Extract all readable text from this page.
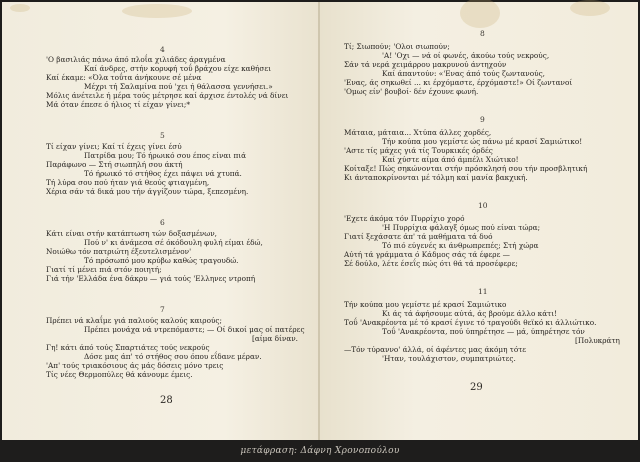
4
'Ο βασιλιάς πάνω άπό πλοΐα χιλιάδες άραγμένα
Καί άνδρες, στήν κορυφή τοΰ βράχου είχε καθήσει
Καί έκαμε: «Όλα τοΰτα άνήκουνε σέ μένα
Μέχρι τή Σαλαμίνα πού 'χει ή θάλασσα γεννήσει.»
Μόλις άνέτειλε ή μέρα τούς μέτρησε καί άρχισε έντολές νά δίνει
Μά όταν έπεσε ό ήλιος τί είχαν γίνει;*
5
Τί είχαν γίνει; Καί τί έχεις γίνει έσύ
Πατρίδα μου; Τό ήρωικό σου έπος είναι πιά
Παράφωνο — Στή σιωπηλή σου άκτή
Τό ήρωικό τό στήθος έχει πάψει νά χτυπά.
Τή λύρα σου πού ήταν γιά θεούς φτιαγμένη,
Χέρια σάν τά δικά μου τήν άγγίζουν τώρα, ξεπεσμένη.
6
Κάτι είναι στήν κατάπτωση τών δοξασμένων,
Πού ν' κι άνάμεσα σέ όκόδουλη φυλή είμαι έδώ,
Νοιώθω τόν πατριώτη έξευτελισμένον'
Τό πρόσωπό μου κρύβω καθώς τραγουδώ.
Γιατί τί μένει πιά στόν ποιητή;
Γιά τήν 'Ελλάδα ένα δάκρυ — γιά τούς 'Ελληνες ντροπή
7
Πρέπει νά κλαΐμε γιά παλιούς καλούς καιρούς;
Πρέπει μονάχα νά ντρεπόμαστε; — Οί δικοί μας οί πατέρες
[αίμα δίναν.
Γη! κάτι άπό τούς Σπαρτιάτες τούς νεκρούς
Δόσε μας άπ' τό στήθος σου όπου εΐδανε μέραν.
'Απ' τούς τριακόσιους άς μάς δόσεις μόνο τρεις
Τίς νέες Θερμοπύλες θά κάνουμε έμεις.
28
8
Τί; Σιωπούν; 'Ολοι σιωπούν;
'Α! 'Οχι — νά οί φωνές, άκούω τούς νεκρούς,
Σάν τά νερά χειμάρρου μακρυνού άντηχούν
Καί άπαντούν: «'Ενας άπό τούς ζωντανούς,
'Ενας, άς σηκωθεί ... κι έρχόμαστε, έρχόμαστε!» Οί ζωντανοί
'Ομως είν' βουβοί· δέν έχουνε φωνή.
9
Μάταια, μάταια... Χτύπα άλλες χορδές,
Τήν κούπα μου γεμίστε ώς πάνω μέ κρασί Σαμιώτικο!
'Αστε τίς μάχες γιά τίς Τουρκικές όρδές
Καί χύστε αίμα άπό άμπέλι Χιώτικο!
Κοίταξε! Πώς σηκώνονται στήν πρόσκλησή σου τήν προσβλητική
Κι άνταποκρίνονται μέ τόλμη καί μανία βακχική.
10
'Εχετε άκόμα τόν Πυρρίχιο χορό
'Η Πυρρίχια φάλαγξ όμως πού είναι τώρα;
Γιατί ξεχάσατε άπ' τά μαθήματα τά δυό
Τό πιό εύγενές κι άνθρωπρεπές; Στή χώρα
Αύτή τά γράμματα ό Κάδμος σάς τά έφερε —
Σέ δούλο, λέτε έσεΐς πώς ότι θά τά προσέφερε;
11
Τήν κούπα μου γεμίστε μέ κρασί Σαμιώτικο
Κι άς τά άφήσουμε αύτά, άς βρούμε άλλο κάτι!
Τοΰ 'Ανακρέοντα μέ τό κρασί έγινε τό τραγούδι θεϊκό κι άλλιώτικο.
Τοΰ 'Ανακρέοντα, πού ύπηρέτησε — μά, ύπηρέτησε τόν
[Πολυκράτη
—Τόν τύραννο' άλλά, οί άφέντες μας άκόμη τότε
'Ηταν, τουλάχιστον, συμπατριώτες.
29
μετάφραση: Δάφνη Χρονοπούλου
